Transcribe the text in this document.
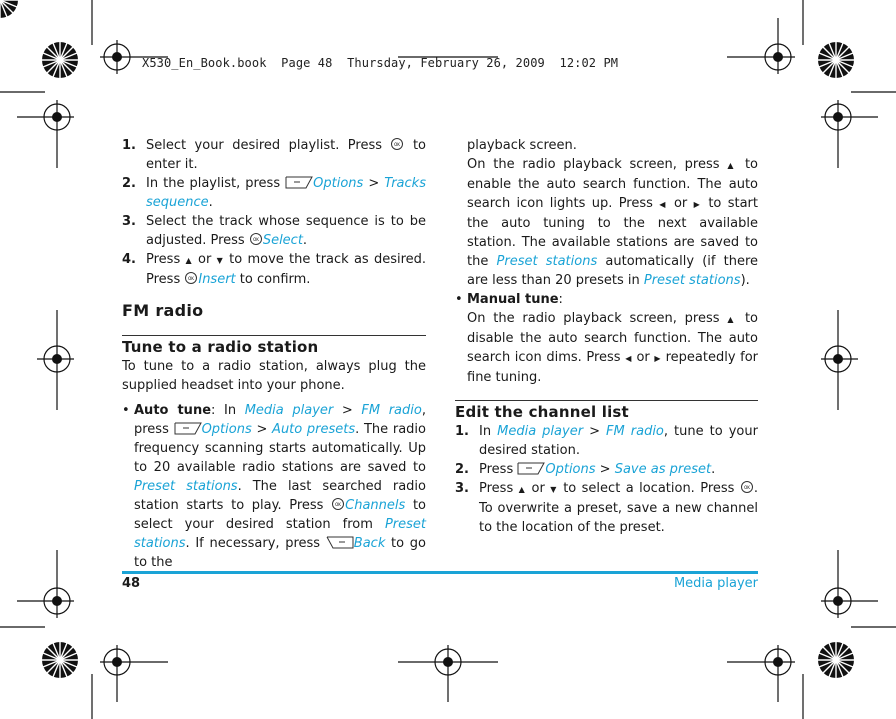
X530_En_Book.book  Page 48  Thursday, February 26, 2009  12:02 PM
1. Select your desired playlist. Press	OK to enter it.
2. In the playlist, press	Options > Tracks sequence.
3. Select the track whose sequence is to be adjusted. Press OK Select.
4. Press ▲ or ▼ to move the track as desired. Press OK Insert to confirm.
FM radio
Tune to a radio station
To tune to a radio station, always plug the supplied headset into your phone.
• Auto tune: In Media player > FM radio, press	Options > Auto presets. The radio frequency scanning starts automatically. Up to 20 available radio stations are saved to Preset stations. The last searched radio station starts to play. Press	OK Channels to select your desired station from Preset stations. If necessary, press	Back to go to the
playback screen.
On the radio playback screen, press ▲ to enable the auto search function. The auto search icon lights up. Press ◀ or ▶ to start the auto tuning to the next available station. The available stations are saved to the Preset stations automatically (if there are less than 20 presets in Preset stations).
• Manual tune:
On the radio playback screen, press ▲ to disable the auto search function. The auto search icon dims. Press ◀ or ▶ repeatedly for fine tuning.
Edit the channel list
1. In Media player > FM radio, tune to your desired station.
2. Press Options > Save as preset.
3. Press ▲ or ▼ to select a location. Press OK . To overwrite a preset, save a new channel to the location of the preset.
48	Media player
